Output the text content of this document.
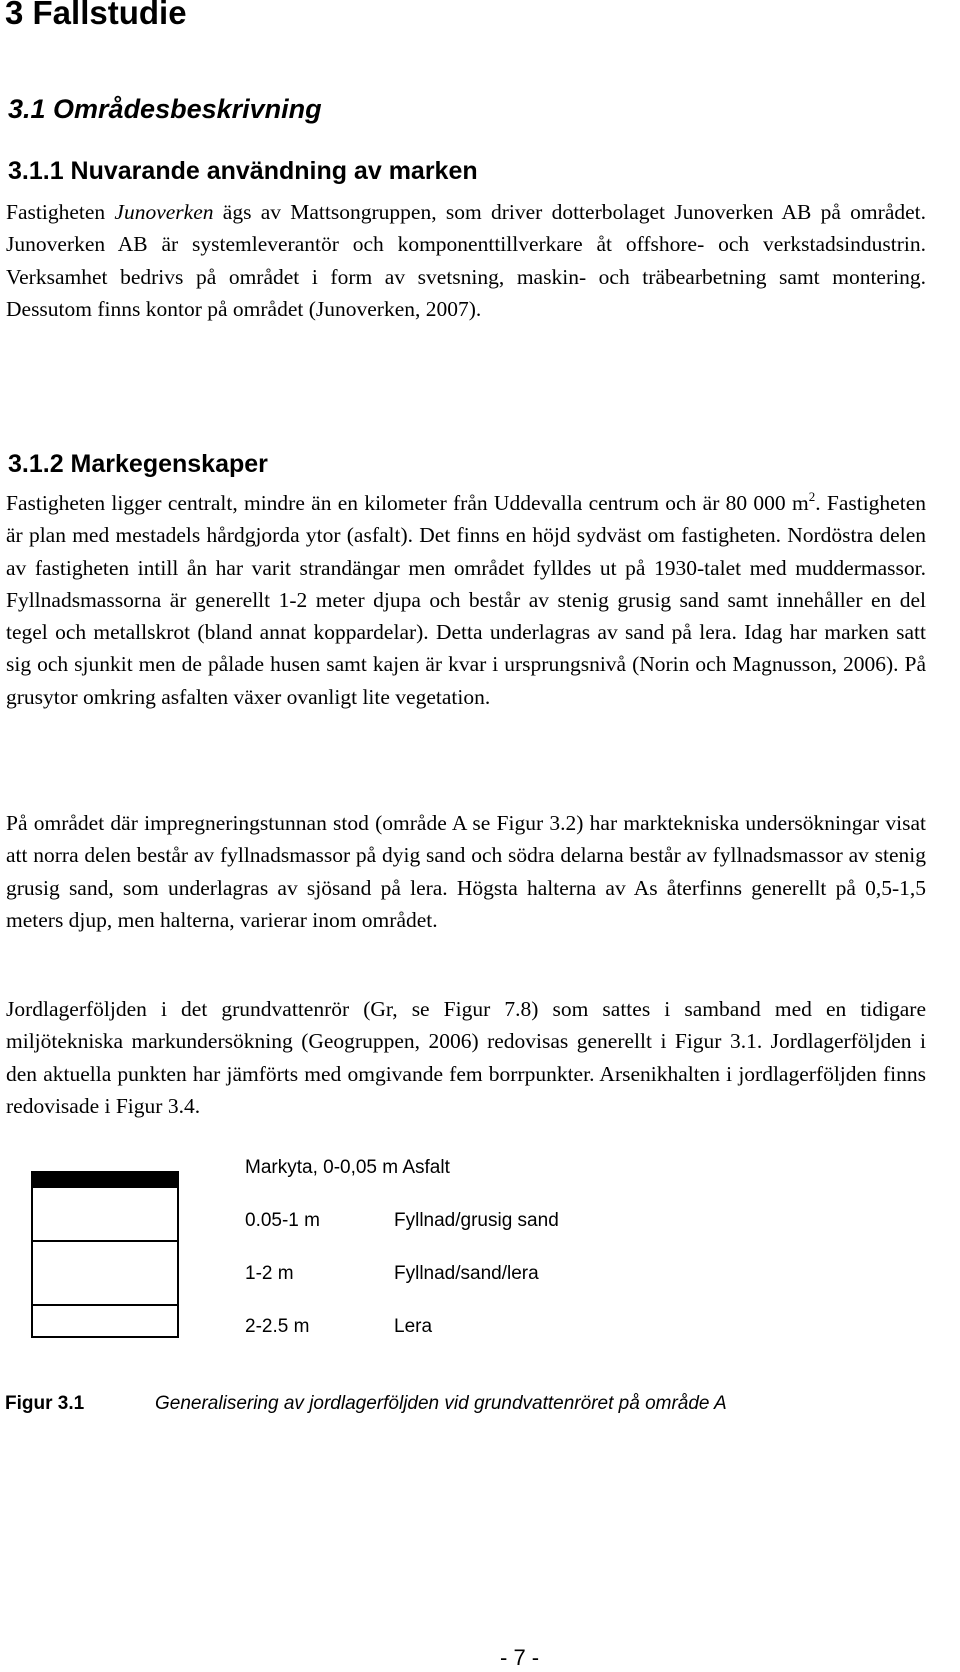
3 Fallstudie
3.1 Områdesbeskrivning
3.1.1 Nuvarande användning av marken

Fastigheten Junoverken ägs av Mattsongruppen, som driver dotterbolaget Junoverken AB på området. Junoverken AB är systemleverantör och komponenttillverkare åt offshore- och verkstadsindustrin. Verksamhet bedrivs på området i form av svetsning, maskin- och träbearbetning samt montering. Dessutom finns kontor på området (Junoverken, 2007).

3.1.2 Markegenskaper

Fastigheten ligger centralt, mindre än en kilometer från Uddevalla centrum och är 80 000 $m^2$. Fastigheten är plan med mestadels hårdgjorda ytor (asfalt). Det finns en höjd sydväst om fastigheten. Nordöstra delen av fastigheten intill ån har varit strandängar men området fylldes ut på 1930-talet med muddermassor. Fyllnadsmassorna är generellt 1-2 meter djupa och består av stenig grusig sand samt innehåller en del tegel och metallskrot (bland annat koppardelar). Detta underlagras av sand på lera. Idag har marken satt sig och sjunkit men de pålade husen samt kajen är kvar i ursprungsnivå (Norin och Magnusson, 2006). På grusytor omkring asfalten växer ovanligt lite vegetation.

På området där impregneringstunnan stod (område A se Figur 3.2) har marktekniska undersökningar visat att norra delen består av fyllnadsmassor på dyig sand och södra delarna består av fyllnadsmassor av stenig grusig sand, som underlagras av sjösand på lera. Högsta halterna av As återfinns generellt på 0,5-1,5 meters djup, men halterna, varierar inom området.

Jordlagerföljden i det grundvattenrör (Gr, se Figur 7.8) som sattes i samband med en tidigare miljötekniska markundersökning (Geogruppen, 2006) redovisas generellt i Figur 3.1. Jordlagerföljden i den aktuella punkten har jämförts med omgivande fem borrpunkter. Arsenikhalten i jordlagerföljden finns redovisade i Figur 3.4.

Markyta, 0-0,05 m Asfalt
0.05-1 m	Fyllnad/grusig sand
1-2 m	Fyllnad/sand/lera
2-2.5 m	Lera
Figur 3.1	Generalisering av jordlagerföljden vid grundvattenröret på område A
- 7 -
